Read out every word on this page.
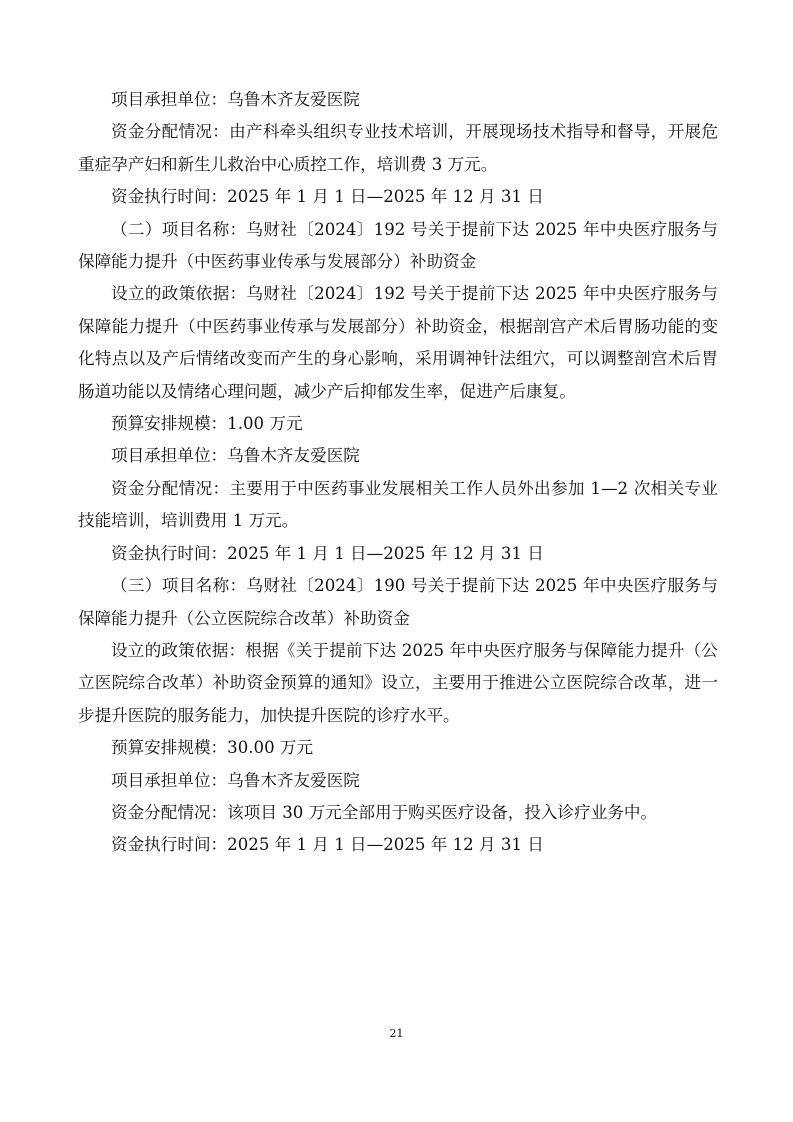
项目承担单位：乌鲁木齐友爱医院

资金分配情况：由产科牵头组织专业技术培训，开展现场技术指导和督导，开展危重症孕产妇和新生儿救治中心质控工作，培训费 3 万元。

资金执行时间：2025 年 1 月 1 日—2025 年 12 月 31 日

（二）项目名称：乌财社〔2024〕192 号关于提前下达 2025 年中央医疗服务与保障能力提升（中医药事业传承与发展部分）补助资金

设立的政策依据：乌财社〔2024〕192 号关于提前下达 2025 年中央医疗服务与保障能力提升（中医药事业传承与发展部分）补助资金，根据剖宫产术后胃肠功能的变化特点以及产后情绪改变而产生的身心影响，采用调神针法组穴，可以调整剖宫术后胃肠道功能以及情绪心理问题，减少产后抑郁发生率，促进产后康复。

预算安排规模：1.00 万元

项目承担单位：乌鲁木齐友爱医院

资金分配情况：主要用于中医药事业发展相关工作人员外出参加 1—2 次相关专业技能培训，培训费用 1 万元。

资金执行时间：2025 年 1 月 1 日—2025 年 12 月 31 日

（三）项目名称：乌财社〔2024〕190 号关于提前下达 2025 年中央医疗服务与保障能力提升（公立医院综合改革）补助资金

设立的政策依据：根据《关于提前下达 2025 年中央医疗服务与保障能力提升（公立医院综合改革）补助资金预算的通知》设立，主要用于推进公立医院综合改革，进一步提升医院的服务能力，加快提升医院的诊疗水平。

预算安排规模：30.00 万元

项目承担单位：乌鲁木齐友爱医院

资金分配情况：该项目 30 万元全部用于购买医疗设备，投入诊疗业务中。

资金执行时间：2025 年 1 月 1 日—2025 年 12 月 31 日

21
